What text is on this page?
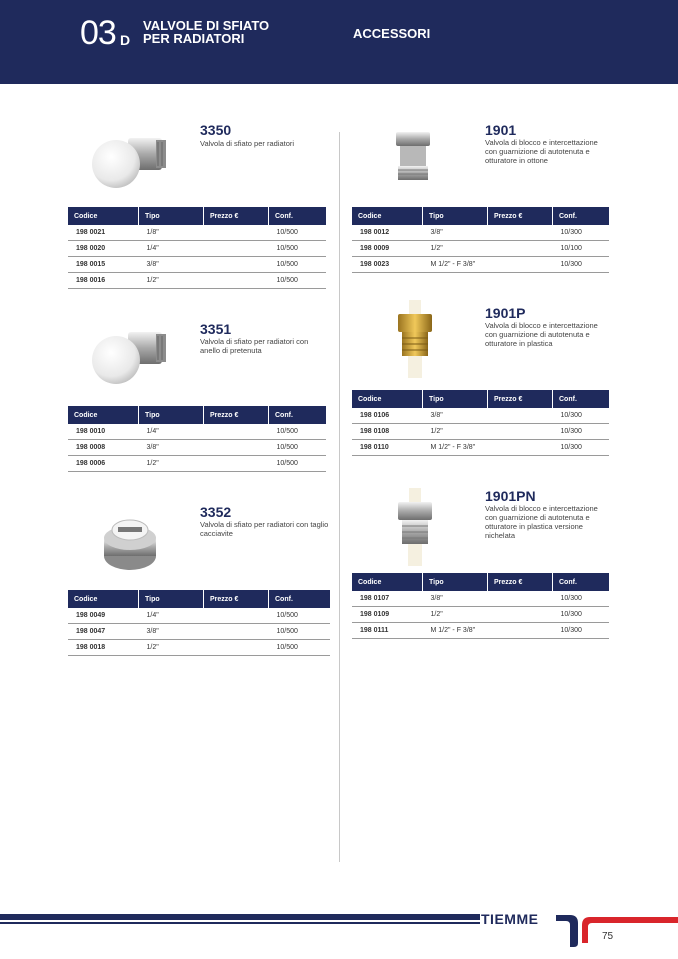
03 D
VALVOLE DI SFIATO
PER RADIATORI	ACCESSORI
3350
Valvola di sfiato per radiatori
Codice	Tipo	Prezzo €	Conf.
198 0021	1/8"		10/500
198 0020	1/4"		10/500
198 0015	3/8"		10/500
198 0016	1/2"		10/500
3351
Valvola di sfiato per radiatori con anello di pretenuta
Codice	Tipo	Prezzo €	Conf.
198 0010	1/4"		10/500
198 0008	3/8"		10/500
198 0006	1/2"		10/500
3352
Valvola di sfiato per radiatori con taglio cacciavite
Codice	Tipo	Prezzo €	Conf.
198 0049	1/4"		10/500
198 0047	3/8"		10/500
198 0018	1/2"		10/500
1901
Valvola di blocco e intercettazione con guarnizione di autotenuta e otturatore in ottone
Codice	Tipo	Prezzo €	Conf.
198 0012	3/8"		10/300
198 0009	1/2"		10/100
198 0023	M 1/2" - F 3/8"		10/300
1901P
Valvola di blocco e intercettazione con guarnizione di autotenuta e otturatore in plastica
Codice	Tipo	Prezzo €	Conf.
198 0106	3/8"		10/300
198 0108	1/2"		10/300
198 0110	M 1/2" - F 3/8"		10/300
1901PN
Valvola di blocco e intercettazione con guarnizione di autotenuta e otturatore in plastica versione nichelata
Codice	Tipo	Prezzo €	Conf.
198 0107	3/8"		10/300
198 0109	1/2"		10/300
198 0111	M 1/2" - F 3/8"		10/300
TIEMME
75
